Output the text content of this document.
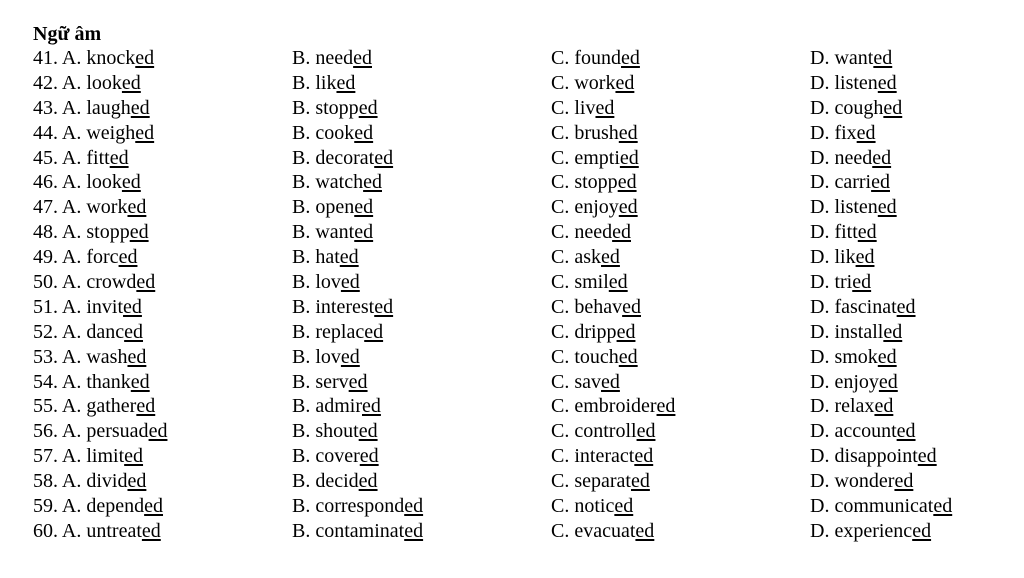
Ngữ âm
41. A. knocked	B. needed	C. founded	D. wanted
42. A. looked	B. liked	C. worked	D. listened
43. A. laughed	B. stopped	C. lived	D. coughed
44. A. weighed	B. cooked	C. brushed	D. fixed
45. A. fitted	B. decorated	C. emptied	D. needed
46. A. looked	B. watched	C. stopped	D. carried
47. A. worked	B. opened	C. enjoyed	D. listened
48. A. stopped	B. wanted	C. needed	D. fitted
49. A. forced	B. hated	C. asked	D. liked
50. A. crowded	B. loved	C. smiled	D. tried
51. A. invited	B. interested	C. behaved	D. fascinated
52. A. danced	B. replaced	C. dripped	D. installed
53. A. washed	B. loved	C. touched	D. smoked
54. A. thanked	B. served	C. saved	D. enjoyed
55. A. gathered	B. admired	C. embroidered	D. relaxed
56. A. persuaded	B. shouted	C. controlled	D. accounted
57. A. limited	B. covered	C. interacted	D. disappointed
58. A. divided	B. decided	C. separated	D. wondered
59. A. depended	B. corresponded	C. noticed	D. communicated
60. A. untreated	B. contaminated	C. evacuated	D. experienced
